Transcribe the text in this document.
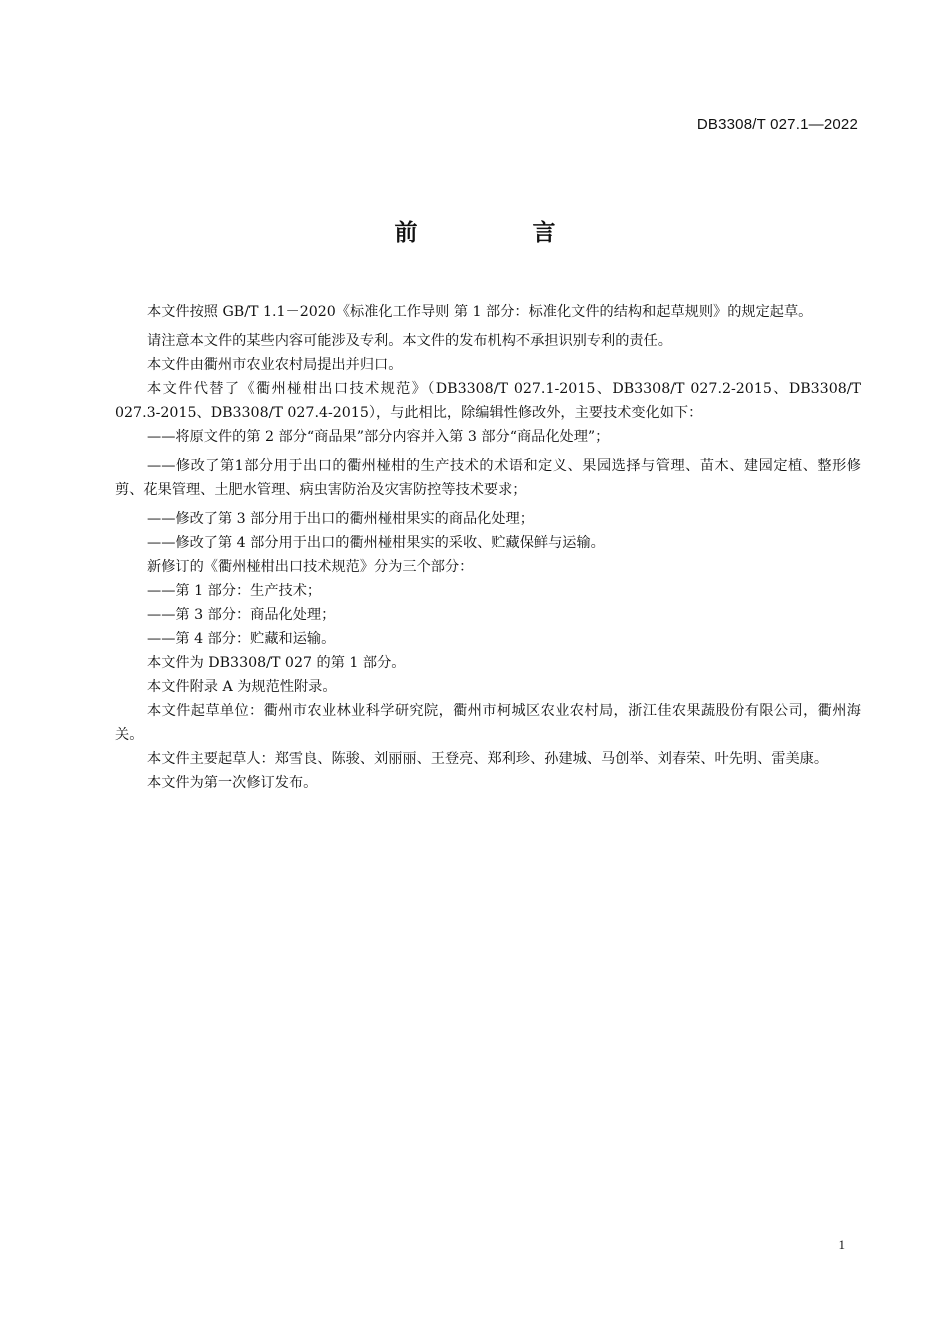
DB3308/T 027.1—2022
前　言

本文件按照 GB/T 1.1－2020《标准化工作导则 第 1 部分：标准化文件的结构和起草规则》的规定起草。

请注意本文件的某些内容可能涉及专利。本文件的发布机构不承担识别专利的责任。

本文件由衢州市农业农村局提出并归口。

本文件代替了《衢州椪柑出口技术规范》（DB3308/T 027.1-2015、DB3308/T 027.2-2015、DB3308/T 027.3-2015、DB3308/T 027.4-2015），与此相比，除编辑性修改外，主要技术变化如下：

——将原文件的第 2 部分“商品果”部分内容并入第 3 部分“商品化处理”；

——修改了第1部分用于出口的衢州椪柑的生产技术的术语和定义、果园选择与管理、苗木、建园定植、整形修剪、花果管理、土肥水管理、病虫害防治及灾害防控等技术要求；

——修改了第 3 部分用于出口的衢州椪柑果实的商品化处理；

——修改了第 4 部分用于出口的衢州椪柑果实的采收、贮藏保鲜与运输。

新修订的《衢州椪柑出口技术规范》分为三个部分：

——第 1 部分：生产技术；

——第 3 部分：商品化处理；

——第 4 部分：贮藏和运输。

本文件为 DB3308/T 027 的第 1 部分。

本文件附录 A 为规范性附录。

本文件起草单位：衢州市农业林业科学研究院，衢州市柯城区农业农村局，浙江佳农果蔬股份有限公司，衢州海关。

本文件主要起草人：郑雪良、陈骏、刘丽丽、王登亮、郑利珍、孙建城、马创举、刘春荣、叶先明、雷美康。

本文件为第一次修订发布。

1
